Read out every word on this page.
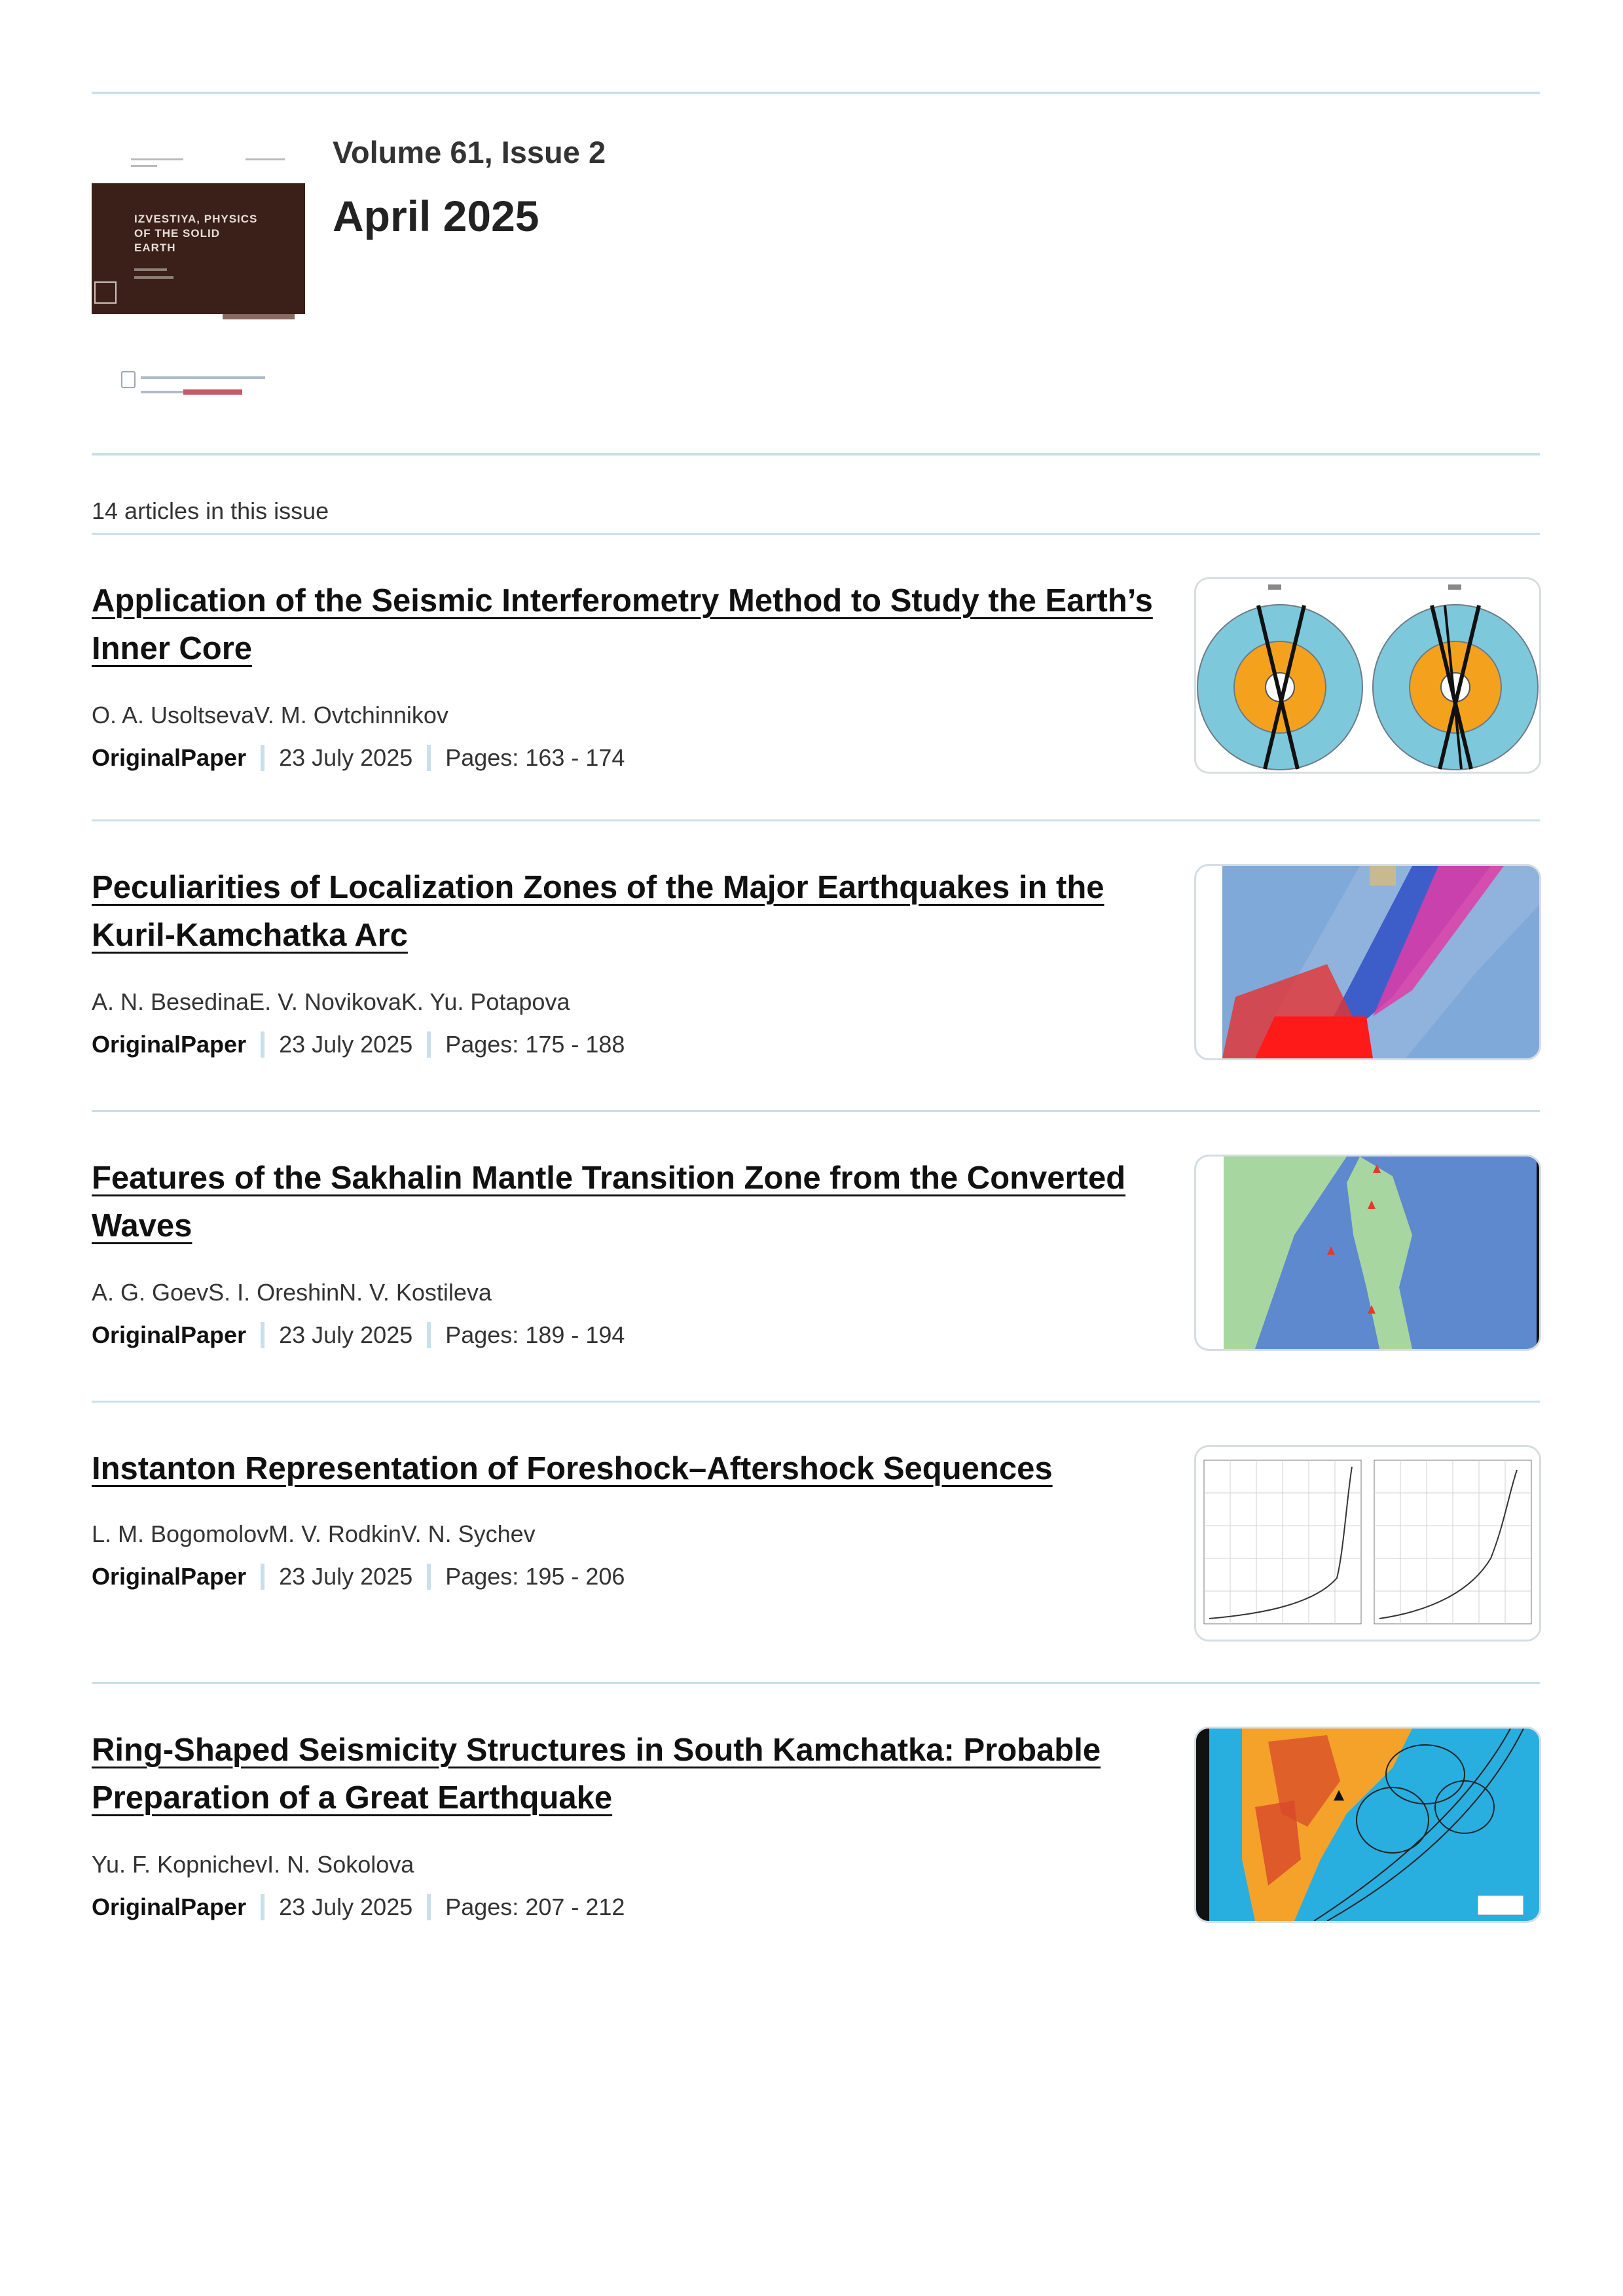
IZVESTIYA, PHYSICS OF THE SOLID EARTH
Volume 61, Issue 2
April 2025
14 articles in this issue
Application of the Seismic Interferometry Method to Study the Earth’s Inner Core
O. A. UsoltsevaV. M. Ovtchinnikov
OriginalPaper 23 July 2025 Pages: 163 - 174
Peculiarities of Localization Zones of the Major Earthquakes in the Kuril-Kamchatka Arc
A. N. BesedinaE. V. NovikovaK. Yu. Potapova
OriginalPaper 23 July 2025 Pages: 175 - 188
Features of the Sakhalin Mantle Transition Zone from the Converted Waves
A. G. GoevS. I. OreshinN. V. Kostileva
OriginalPaper 23 July 2025 Pages: 189 - 194
Instanton Representation of Foreshock–Aftershock Sequences
L. M. BogomolovM. V. RodkinV. N. Sychev
OriginalPaper 23 July 2025 Pages: 195 - 206
Ring-Shaped Seismicity Structures in South Kamchatka: Probable Preparation of a Great Earthquake
Yu. F. KopnichevI. N. Sokolova
OriginalPaper 23 July 2025 Pages: 207 - 212
